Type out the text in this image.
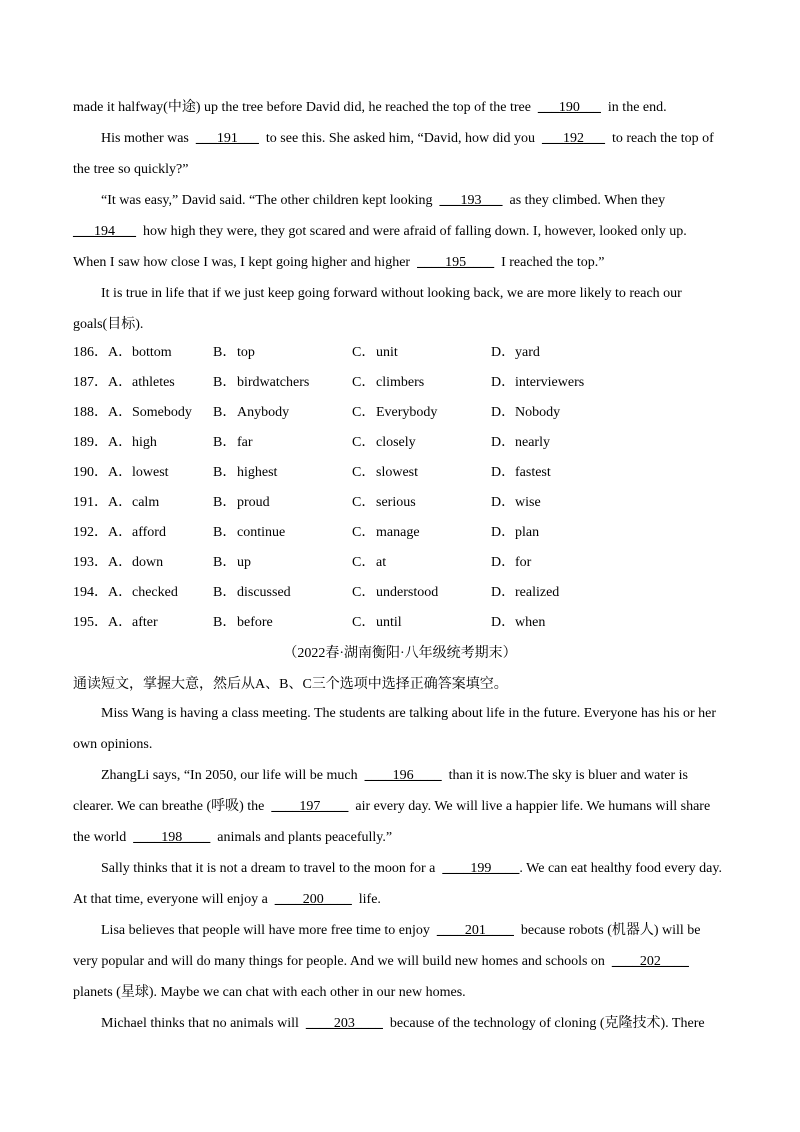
made it halfway(中途) up the tree before David did, he reached the top of the tree  ___190___  in the end.
His mother was  ___191___  to see this. She asked him, “David, how did you  ___192___  to reach the top of
the tree so quickly?”
“It was easy,” David said. “The other children kept looking  ___193___  as they climbed. When they
___194___  how high they were, they got scared and were afraid of falling down. I, however, looked only up.
When I saw how close I was, I kept going higher and higher  ____195____  I reached the top.”
It is true in life that if we just keep going forward without looking back, we are more likely to reach our
goals(目标).
186．A．bottom	B．top	C．unit	D．yard
187．A．athletes	B．birdwatchers	C．climbers	D．interviewers
188．A．Somebody	B．Anybody	C．Everybody	D．Nobody
189．A．high	B．far	C．closely	D．nearly
190．A．lowest	B．highest	C．slowest	D．fastest
191．A．calm	B．proud	C．serious	D．wise
192．A．afford	B．continue	C．manage	D．plan
193．A．down	B．up	C．at	D．for
194．A．checked	B．discussed	C．understood	D．realized
195．A．after	B．before	C．until	D．when
（2022春·湖南衡阳·八年级统考期末）
通读短文，掌握大意，然后从A、B、C三个选项中选择正确答案填空。
Miss Wang is having a class meeting. The students are talking about life in the future. Everyone has his or her
own opinions.
ZhangLi says, “In 2050, our life will be much  ____196____  than it is now.The sky is bluer and water is
clearer. We can breathe (呼吸) the  ____197____  air every day. We will live a happier life. We humans will share
the world  ____198____  animals and plants peacefully.”
Sally thinks that it is not a dream to travel to the moon for a  ____199____. We can eat healthy food every day.
At that time, everyone will enjoy a  ____200____  life.
Lisa believes that people will have more free time to enjoy  ____201____  because robots (机器人) will be
very popular and will do many things for people. And we will build new homes and schools on  ____202____
planets (星球). Maybe we can chat with each other in our new homes.
Michael thinks that no animals will  ____203____  because of the technology of cloning (克隆技术). There
